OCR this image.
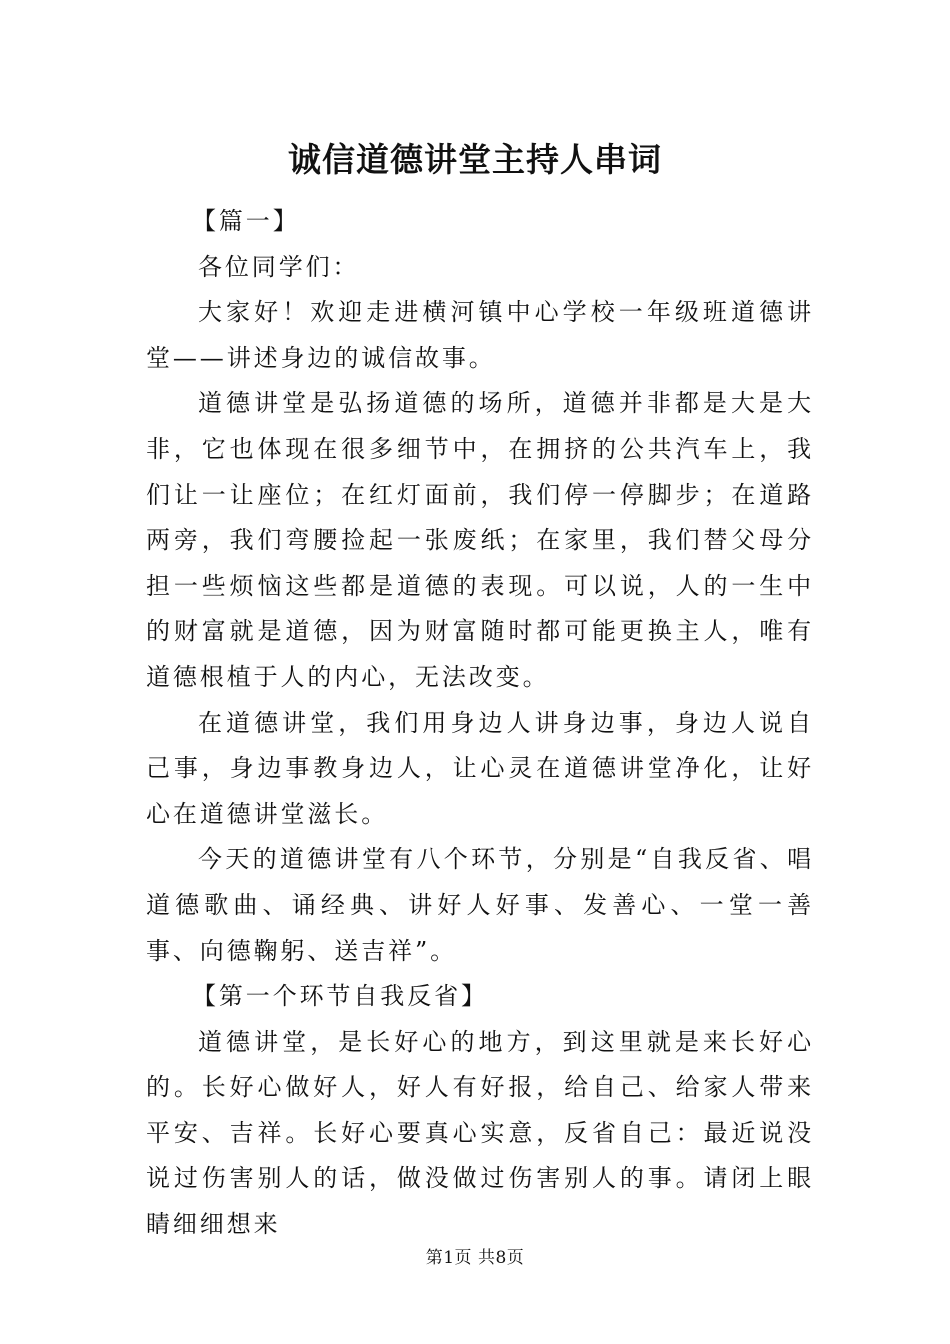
诚信道德讲堂主持人串词

【篇一】

各位同学们：

大家好！欢迎走进横河镇中心学校一年级班道德讲堂——讲述身边的诚信故事。

道德讲堂是弘扬道德的场所，道德并非都是大是大非，它也体现在很多细节中，在拥挤的公共汽车上，我们让一让座位；在红灯面前，我们停一停脚步；在道路两旁，我们弯腰捡起一张废纸；在家里，我们替父母分担一些烦恼这些都是道德的表现。可以说，人的一生中的财富就是道德，因为财富随时都可能更换主人，唯有道德根植于人的内心，无法改变。

在道德讲堂，我们用身边人讲身边事，身边人说自己事，身边事教身边人，让心灵在道德讲堂净化，让好心在道德讲堂滋长。

今天的道德讲堂有八个环节，分别是“自我反省、唱道德歌曲、诵经典、讲好人好事、发善心、一堂一善事、向德鞠躬、送吉祥”。

【第一个环节自我反省】

道德讲堂，是长好心的地方，到这里就是来长好心的。长好心做好人，好人有好报，给自己、给家人带来平安、吉祥。长好心要真心实意，反省自己：最近说没说过伤害别人的话，做没做过伤害别人的事。请闭上眼睛细细想来

第1页 共8页
